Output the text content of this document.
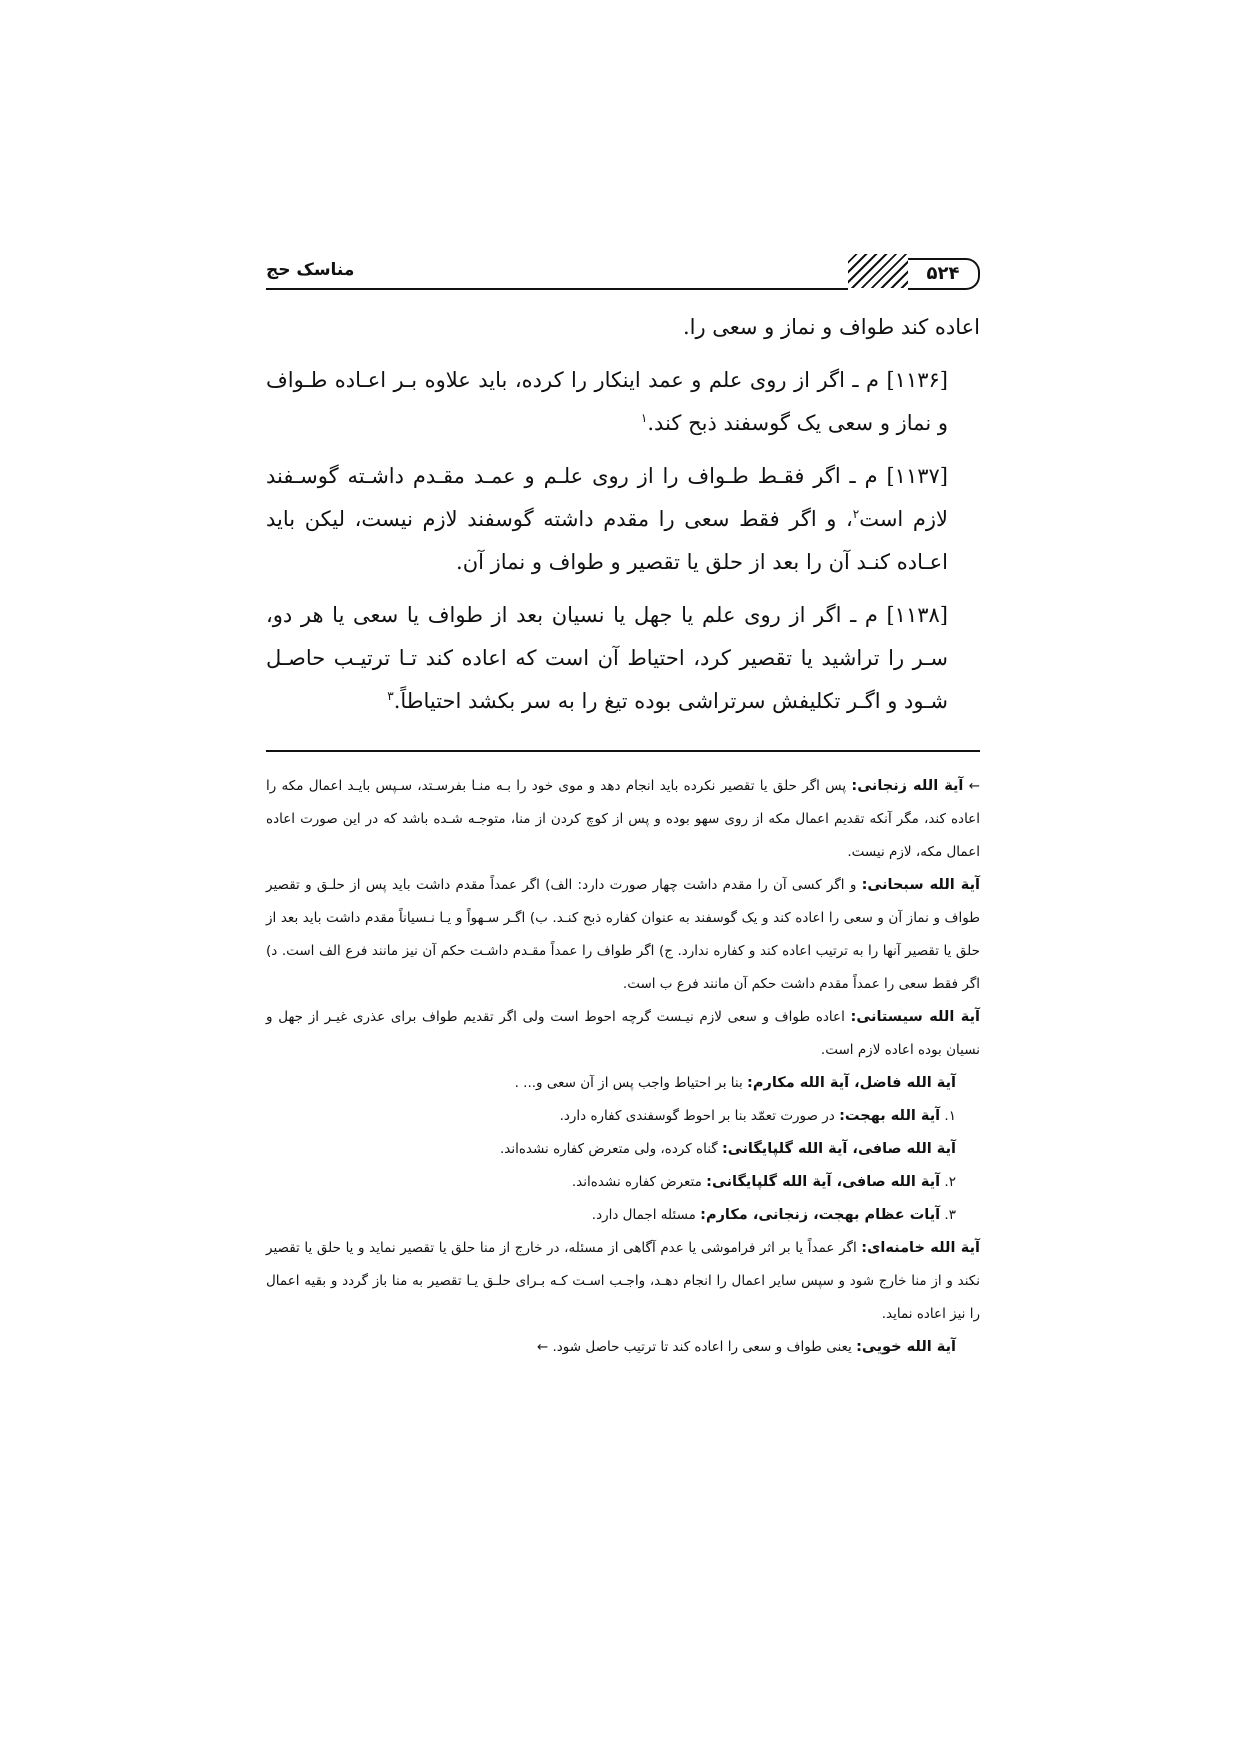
۵۲۴
مناسک حج

اعاده کند طواف و نماز و سعی را.

[۱۱۳۶] م ـ اگر از روی علم و عمد اینکار را کرده، باید علاوه بـر اعـاده طـواف و نماز و سعی یک گوسفند ذبح کند.$^۱$

[۱۱۳۷] م ـ اگر فقـط طـواف را از روی علـم و عمـد مقـدم داشـته گوسـفند لازم است$^۲$، و اگر فقط سعی را مقدم داشته گوسفند لازم نیست، لیکن باید اعـاده کنـد آن را بعد از حلق یا تقصیر و طواف و نماز آن.

[۱۱۳۸] م ـ اگر از روی علم یا جهل یا نسیان بعد از طواف یا سعی یا هر دو، سـر را تراشید یا تقصیر کرد، احتیاط آن است که اعاده کند تـا ترتیـب حاصـل شـود و اگـر تکلیفش سرتراشی بوده تیغ را به سر بکشد احتیاطاً.$^۳$

← آیة الله زنجانی: پس اگر حلق یا تقصیر نکرده باید انجام دهد و موی خود را بـه منـا بفرسـتد، سـپس بایـد اعمال مکه را اعاده کند، مگر آنکه تقدیم اعمال مکه از روی سهو بوده و پس از کوچ کردن از منا، متوجـه شـده باشد که در این صورت اعاده اعمال مکه، لازم نیست.

آیة الله سبحانی: و اگر کسی آن را مقدم داشت چهار صورت دارد: الف) اگر عمداً مقدم داشت باید پس از حلـق و تقصیر طواف و نماز آن و سعی را اعاده کند و یک گوسفند به عنوان کفاره ذبح کنـد. ب) اگـر سـهواً و یـا نـسیاناً مقدم داشت باید بعد از حلق یا تقصیر آنها را به ترتیب اعاده کند و کفاره ندارد. ج) اگر طواف را عمداً مقـدم داشـت حکم آن نیز مانند فرع الف است. د) اگر فقط سعی را عمداً مقدم داشت حکم آن مانند فرع ب است.

آیة الله سیستانی: اعاده طواف و سعی لازم نیـست گرچه احوط است ولی اگر تقدیم طواف برای عذری غیـر از جهل و نسیان بوده اعاده لازم است.

آیة الله فاضل، آیة الله مکارم: بنا بر احتیاط واجب پس از آن سعی و... .

۱. آیة الله بهجت: در صورت تعمّد بنا بر احوط گوسفندی کفاره دارد.

آیة الله صافی، آیة الله گلپایگانی: گناه کرده، ولی متعرض کفاره نشده‌اند.

۲. آیة الله صافی، آیة الله گلپایگانی: متعرض کفاره نشده‌اند.

۳. آیات عظام بهجت، زنجانی، مکارم: مسئله اجمال دارد.

آیة الله خامنه‌ای: اگر عمداً یا بر اثر فراموشی یا عدم آگاهی از مسئله، در خارج از منا حلق یا تقصیر نماید و یا حلق یا تقصیر نکند و از منا خارج شود و سپس سایر اعمال را انجام دهـد، واجـب اسـت کـه بـرای حلـق یـا تقصیر به منا باز گردد و بقیه اعمال را نیز اعاده نماید.

آیة الله خویی: یعنی طواف و سعی را اعاده کند تا ترتیب حاصل شود. ←
